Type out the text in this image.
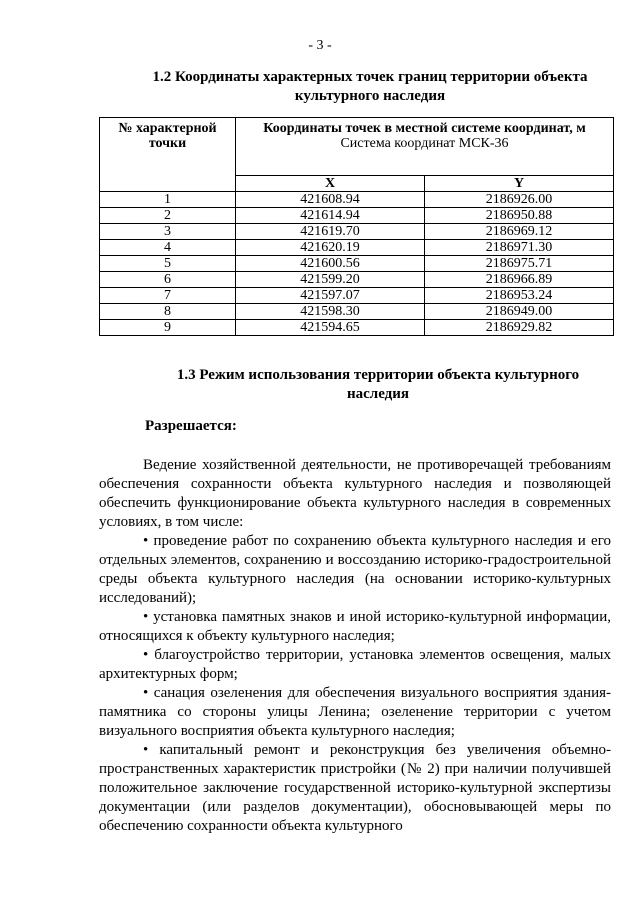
- 3 -
1.2 Координаты характерных точек границ территории объекта культурного наследия
№ характерной точки	Координаты точек в местной системе координат, м
Система координат МСК-36	

	X	Y
1	421608.94	2186926.00
2	421614.94	2186950.88
3	421619.70	2186969.12
4	421620.19	2186971.30
5	421600.56	2186975.71
6	421599.20	2186966.89
7	421597.07	2186953.24
8	421598.30	2186949.00
9	421594.65	2186929.82
1.3 Режим использования территории объекта культурного наследия
Разрешается:

Ведение хозяйственной деятельности, не противоречащей требованиям обеспечения сохранности объекта культурного наследия и позволяющей обеспечить функционирование объекта культурного наследия в современных условиях, в том числе:

• проведение работ по сохранению объекта культурного наследия и его отдельных элементов, сохранению и воссозданию историко-градостроительной среды объекта культурного наследия (на основании историко-культурных исследований);

• установка памятных знаков и иной историко-культурной информации, относящихся к объекту культурного наследия;

• благоустройство территории, установка элементов освещения, малых архитектурных форм;

• санация озеленения для обеспечения визуального восприятия здания-памятника со стороны улицы Ленина; озеленение территории с учетом визуального восприятия объекта культурного наследия;

• капитальный ремонт и реконструкция без увеличения объемно-пространственных характеристик пристройки (№ 2) при наличии получившей положительное заключение государственной историко-культурной экспертизы документации (или разделов документации), обосновывающей меры по обеспечению сохранности объекта культурного
